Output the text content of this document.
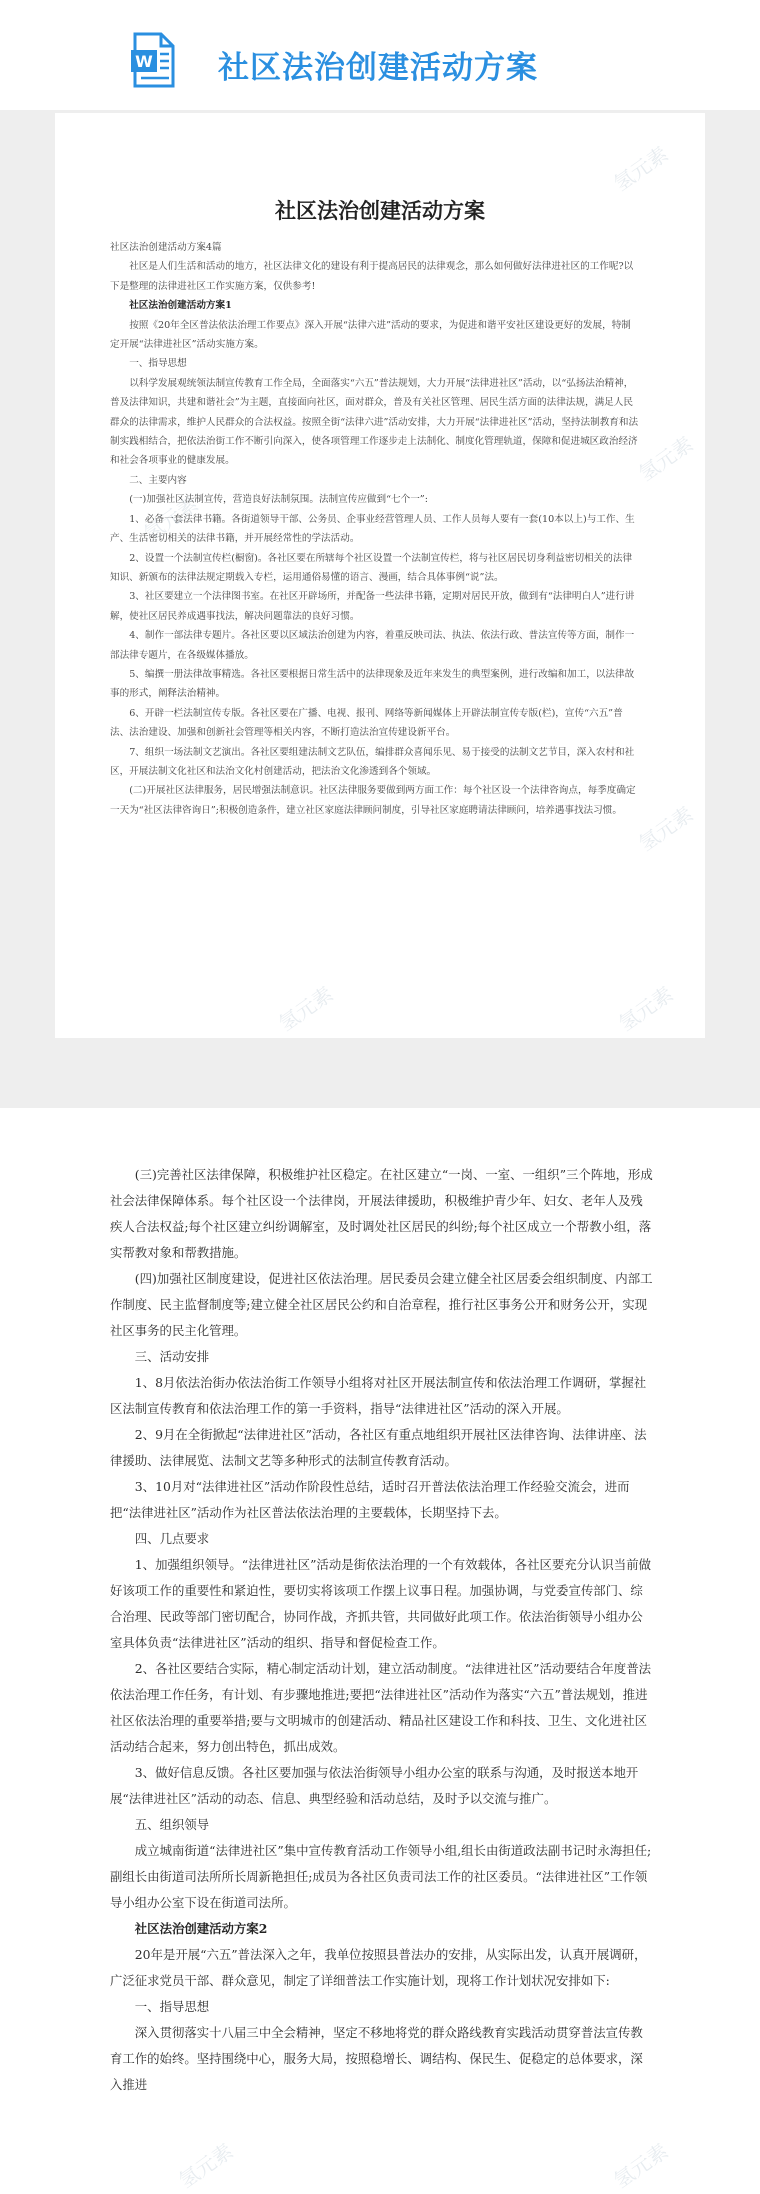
W 社区法治创建活动方案
社区法治创建活动方案

社区法治创建活动方案4篇

社区是人们生活和活动的地方，社区法律文化的建设有利于提高居民的法律观念，那么如何做好法律进社区的工作呢?以下是整理的法律进社区工作实施方案，仅供参考!

社区法治创建活动方案1

按照《20年全区普法依法治理工作要点》深入开展“法律六进”活动的要求，为促进和谐平安社区建设更好的发展，特制定开展“法律进社区”活动实施方案。

一、指导思想

以科学发展观统领法制宣传教育工作全局，全面落实“六五”普法规划，大力开展“法律进社区”活动，以“弘扬法治精神，普及法律知识，共建和谐社会”为主题，直接面向社区，面对群众，普及有关社区管理、居民生活方面的法律法规，满足人民群众的法律需求，维护人民群众的合法权益。按照全街“法律六进”活动安排，大力开展“法律进社区”活动，坚持法制教育和法制实践相结合，把依法治街工作不断引向深入，使各项管理工作逐步走上法制化、制度化管理轨道，保障和促进城区政治经济和社会各项事业的健康发展。

二、主要内容

(一)加强社区法制宣传，营造良好法制氛围。法制宣传应做到“七个一”:

1、必备一套法律书籍。各街道领导干部、公务员、企事业经营管理人员、工作人员每人要有一套(10本以上)与工作、生产、生活密切相关的法律书籍，并开展经常性的学法活动。

2、设置一个法制宣传栏(橱窗)。各社区要在所辖每个社区设置一个法制宣传栏，将与社区居民切身利益密切相关的法律知识、新颁布的法律法规定期载入专栏，运用通俗易懂的语言、漫画，结合具体事例“说”法。

3、社区要建立一个法律图书室。在社区开辟场所，并配备一些法律书籍，定期对居民开放，做到有“法律明白人”进行讲解，使社区居民养成遇事找法，解决问题靠法的良好习惯。

4、制作一部法律专题片。各社区要以区域法治创建为内容，着重反映司法、执法、依法行政、普法宣传等方面，制作一部法律专题片，在各级媒体播放。

5、编撰一册法律故事精选。各社区要根据日常生活中的法律现象及近年来发生的典型案例，进行改编和加工，以法律故事的形式，阐释法治精神。

6、开辟一栏法制宣传专版。各社区要在广播、电视、报刊、网络等新闻媒体上开辟法制宣传专版(栏)，宣传“六五”普法、法治建设、加强和创新社会管理等相关内容，不断打造法治宣传建设新平台。

7、组织一场法制文艺演出。各社区要组建法制文艺队伍，编排群众喜闻乐见、易于接受的法制文艺节目，深入农村和社区，开展法制文化社区和法治文化村创建活动，把法治文化渗透到各个领域。

(二)开展社区法律服务，居民增强法制意识。社区法律服务要做到两方面工作：每个社区设一个法律咨询点，每季度确定一天为“社区法律咨询日”;积极创造条件，建立社区家庭法律顾问制度，引导社区家庭聘请法律顾问，培养遇事找法习惯。

氢元素
氢元素
氢元素
氢元素
氢元素	氢元素

(三)完善社区法律保障，积极维护社区稳定。在社区建立“一岗、一室、一组织”三个阵地，形成社会法律保障体系。每个社区设一个法律岗，开展法律援助，积极维护青少年、妇女、老年人及残疾人合法权益;每个社区建立纠纷调解室，及时调处社区居民的纠纷;每个社区成立一个帮教小组，落实帮教对象和帮教措施。

(四)加强社区制度建设，促进社区依法治理。居民委员会建立健全社区居委会组织制度、内部工作制度、民主监督制度等;建立健全社区居民公约和自治章程，推行社区事务公开和财务公开，实现社区事务的民主化管理。

三、活动安排

1、8月依法治街办依法治街工作领导小组将对社区开展法制宣传和依法治理工作调研，掌握社区法制宣传教育和依法治理工作的第一手资料，指导“法律进社区”活动的深入开展。

2、9月在全街掀起“法律进社区”活动，各社区有重点地组织开展社区法律咨询、法律讲座、法律援助、法律展览、法制文艺等多种形式的法制宣传教育活动。

3、10月对“法律进社区”活动作阶段性总结，适时召开普法依法治理工作经验交流会，进而把“法律进社区”活动作为社区普法依法治理的主要载体，长期坚持下去。

四、几点要求

1、加强组织领导。“法律进社区”活动是街依法治理的一个有效载体，各社区要充分认识当前做好该项工作的重要性和紧迫性，要切实将该项工作摆上议事日程。加强协调，与党委宣传部门、综合治理、民政等部门密切配合，协同作战，齐抓共管，共同做好此项工作。依法治街领导小组办公室具体负责“法律进社区”活动的组织、指导和督促检查工作。

2、各社区要结合实际，精心制定活动计划，建立活动制度。“法律进社区”活动要结合年度普法依法治理工作任务，有计划、有步骤地推进;要把“法律进社区”活动作为落实“六五”普法规划，推进社区依法治理的重要举措;要与文明城市的创建活动、精品社区建设工作和科技、卫生、文化进社区活动结合起来，努力创出特色，抓出成效。

3、做好信息反馈。各社区要加强与依法治街领导小组办公室的联系与沟通，及时报送本地开展“法律进社区”活动的动态、信息、典型经验和活动总结，及时予以交流与推广。

五、组织领导

成立城南街道“法律进社区”集中宣传教育活动工作领导小组,组长由街道政法副书记时永海担任;副组长由街道司法所所长周新艳担任;成员为各社区负责司法工作的社区委员。“法律进社区”工作领导小组办公室下设在街道司法所。

社区法治创建活动方案2

20年是开展“六五”普法深入之年，我单位按照县普法办的安排，从实际出发，认真开展调研，广泛征求党员干部、群众意见，制定了详细普法工作实施计划，现将工作计划状况安排如下:

一、指导思想

深入贯彻落实十八届三中全会精神，坚定不移地将党的群众路线教育实践活动贯穿普法宣传教育工作的始终。坚持围绕中心，服务大局，按照稳增长、调结构、保民生、促稳定的总体要求，深入推进

氢元素	氢元素
